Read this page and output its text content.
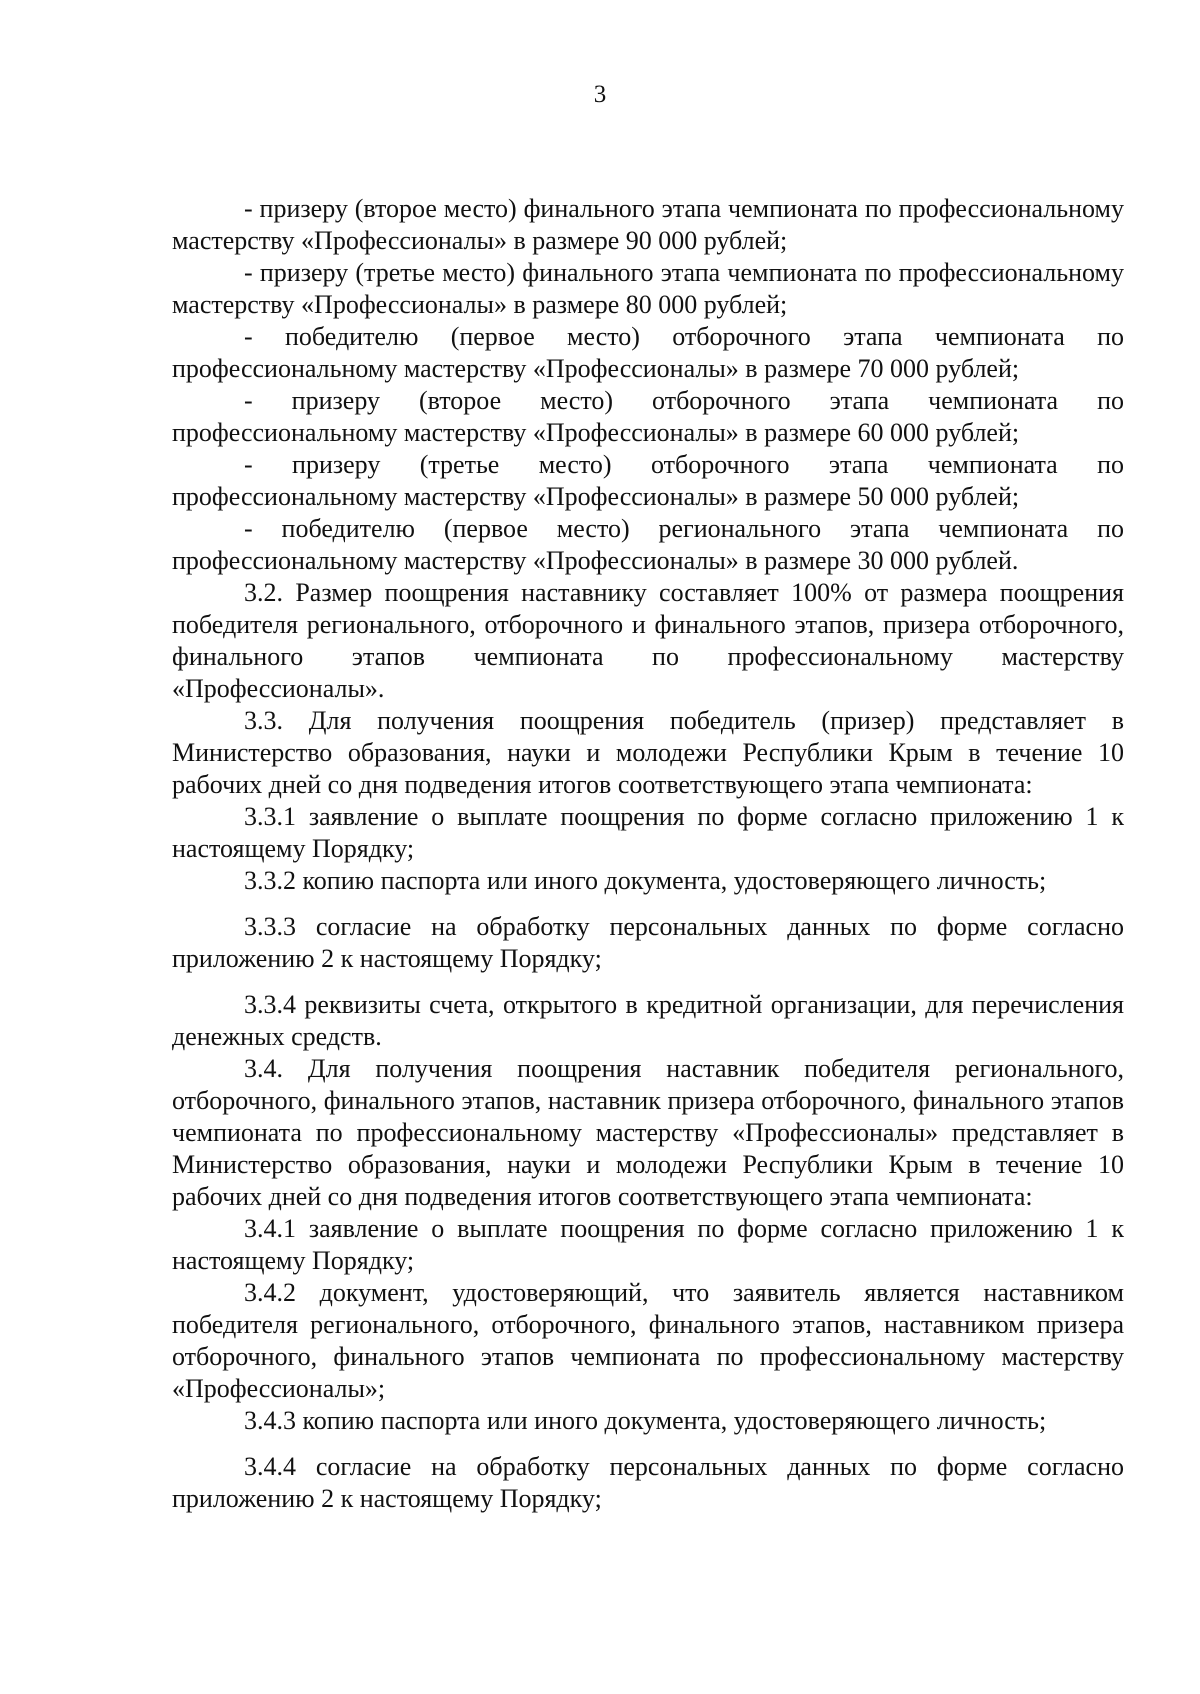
3

- призеру (второе место) финального этапа чемпионата по профессиональному мастерству «Профессионалы» в размере 90 000 рублей;

- призеру (третье место) финального этапа чемпионата по профессиональному мастерству «Профессионалы» в размере 80 000 рублей;

- победителю (первое место) отборочного этапа чемпионата по профессиональному мастерству «Профессионалы» в размере 70 000 рублей;

- призеру (второе место) отборочного этапа чемпионата по профессиональному мастерству «Профессионалы» в размере 60 000 рублей;

- призеру (третье место) отборочного этапа чемпионата по профессиональному мастерству «Профессионалы» в размере 50 000 рублей;

- победителю (первое место) регионального этапа чемпионата по профессиональному мастерству «Профессионалы» в размере 30 000 рублей.

3.2. Размер поощрения наставнику составляет 100% от размера поощрения победителя регионального, отборочного и финального этапов, призера отборочного, финального этапов чемпионата по профессиональному мастерству «Профессионалы».

3.3. Для получения поощрения победитель (призер) представляет в Министерство образования, науки и молодежи Республики Крым в течение 10 рабочих дней со дня подведения итогов соответствующего этапа чемпионата:

3.3.1 заявление о выплате поощрения по форме согласно приложению 1 к настоящему Порядку;

3.3.2 копию паспорта или иного документа, удостоверяющего личность;

3.3.3 согласие на обработку персональных данных по форме согласно приложению 2 к настоящему Порядку;

3.3.4 реквизиты счета, открытого в кредитной организации, для перечисления денежных средств.

3.4. Для получения поощрения наставник победителя регионального, отборочного, финального этапов, наставник призера отборочного, финального этапов чемпионата по профессиональному мастерству «Профессионалы» представляет в Министерство образования, науки и молодежи Республики Крым в течение 10 рабочих дней со дня подведения итогов соответствующего этапа чемпионата:

3.4.1 заявление о выплате поощрения по форме согласно приложению 1 к настоящему Порядку;

3.4.2 документ, удостоверяющий, что заявитель является наставником победителя регионального, отборочного, финального этапов, наставником призера отборочного, финального этапов чемпионата по профессиональному мастерству «Профессионалы»;

3.4.3 копию паспорта или иного документа, удостоверяющего личность;

3.4.4 согласие на обработку персональных данных по форме согласно приложению 2 к настоящему Порядку;
